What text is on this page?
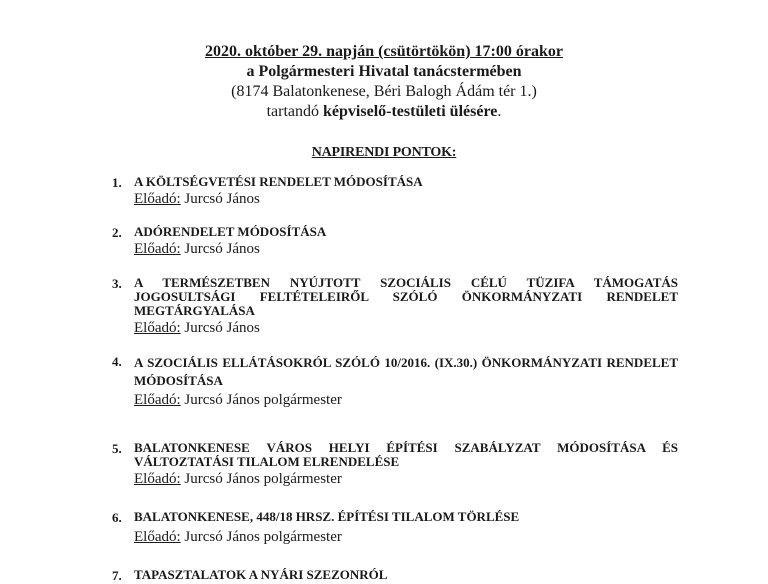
2020. október 29. napján (csütörtökön) 17:00 órakor
a Polgármesteri Hivatal tanácstermében
(8174 Balatonkenese, Béri Balogh Ádám tér 1.)
tartandó képviselő-testületi ülésére.
NAPIRENDI PONTOK:
1. A KÖLTSÉGVETÉSI RENDELET MÓDOSÍTÁSA
Előadó: Jurcsó János
2. ADÓRENDELET MÓDOSÍTÁSA
Előadó: Jurcsó János
3. A TERMÉSZETBEN NYÚJTOTT SZOCIÁLIS CÉLÚ TÜZIFA TÁMOGATÁS JOGOSULTSÁGI FELTÉTELEIRŐL SZÓLÓ ÖNKORMÁNYZATI RENDELET MEGTÁRGYALÁSA
Előadó: Jurcsó János
4. A SZOCIÁLIS ELLÁTÁSOKRÓL SZÓLÓ 10/2016. (IX.30.) ÖNKORMÁNYZATI RENDELET MÓDOSÍTÁSA
Előadó: Jurcsó János polgármester
5. BALATONKENESE VÁROS HELYI ÉPÍTÉSI SZABÁLYZAT MÓDOSÍTÁSA ÉS VÁLTOZTATÁSI TILALOM ELRENDELÉSE
Előadó: Jurcsó János polgármester
6. BALATONKENESE, 448/18 HRSZ. ÉPÍTÉSI TILALOM TÖRLÉSE
Előadó: Jurcsó János polgármester
7. TAPASZTALATOK A NYÁRI SZEZONRÓL
